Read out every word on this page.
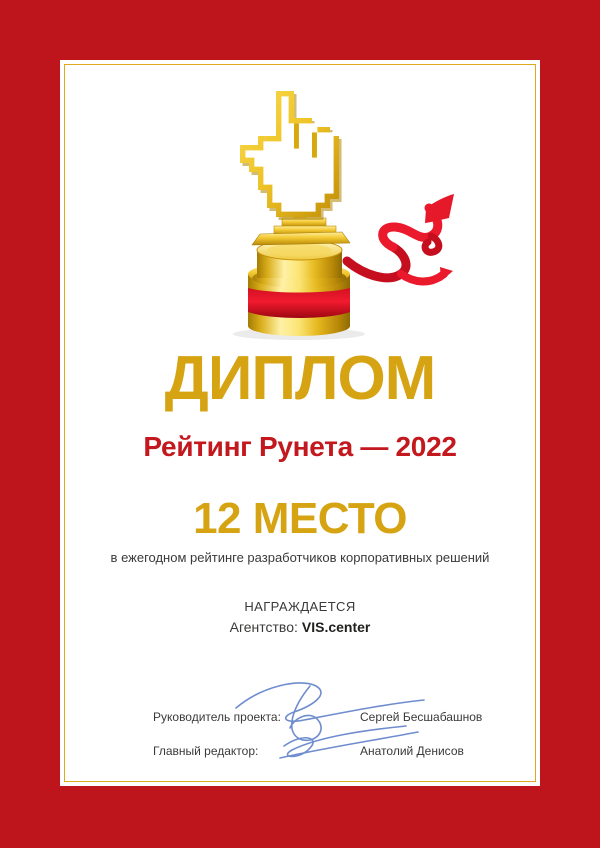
ДИПЛОМ
Рейтинг Рунета — 2022
12 МЕСТО
в ежегодном рейтинге разработчиков корпоративных решений
НАГРАЖДАЕТСЯ
Агентство: VIS.center
Руководитель проекта:	Сергей Бесшабашнов
Главный редактор:	Анатолий Денисов
